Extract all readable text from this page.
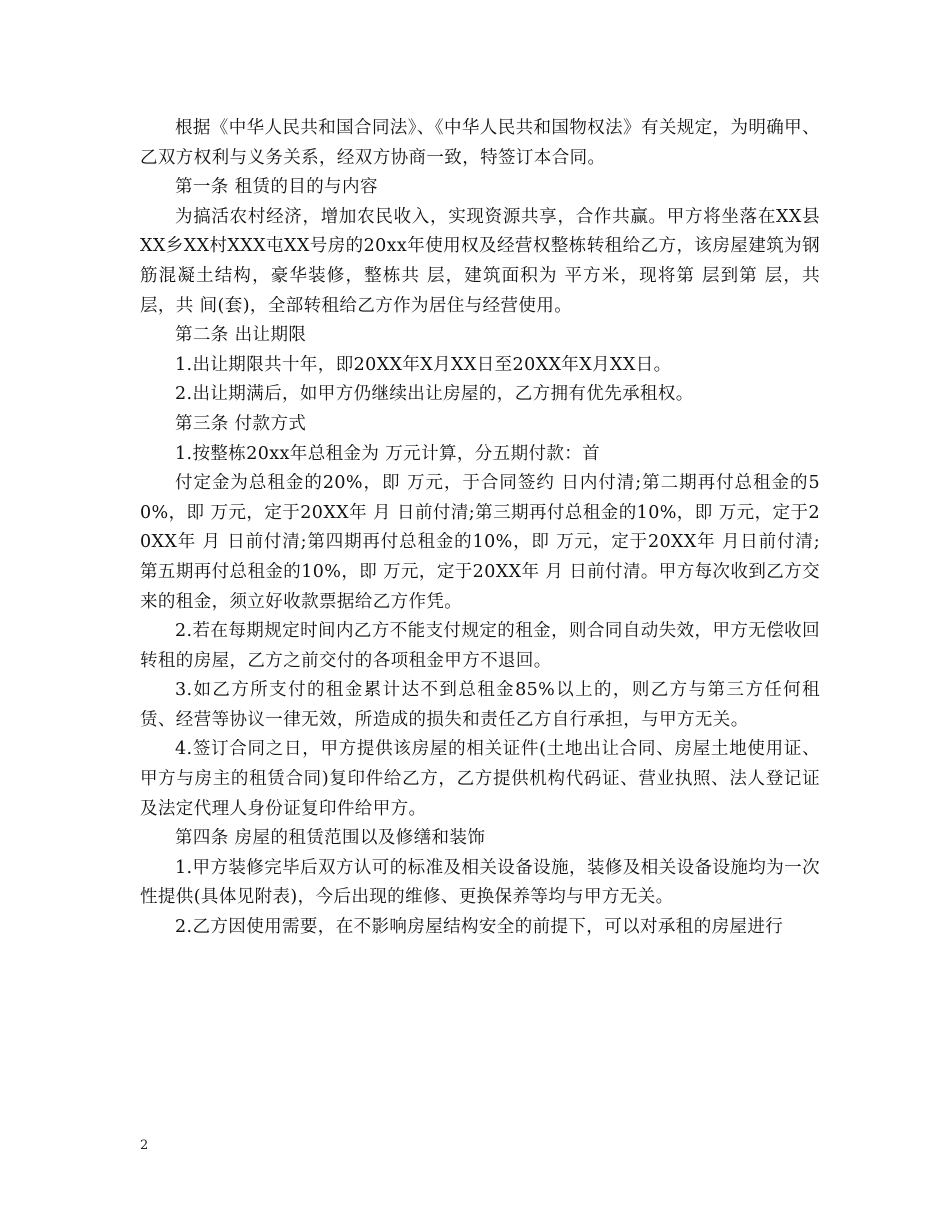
根据《中华人民共和国合同法》、《中华人民共和国物权法》有关规定，为明确甲、乙双方权利与义务关系，经双方协商一致，特签订本合同。

第一条 租赁的目的与内容

为搞活农村经济，增加农民收入，实现资源共享，合作共赢。甲方将坐落在XX县XX乡XX村XXX屯XX号房的20xx年使用权及经营权整栋转租给乙方，该房屋建筑为钢筋混凝土结构，豪华装修，整栋共 层，建筑面积为 平方米，现将第 层到第 层，共 层，共 间(套)，全部转租给乙方作为居住与经营使用。

第二条 出让期限

1.出让期限共十年，即20XX年X月XX日至20XX年X月XX日。

2.出让期满后，如甲方仍继续出让房屋的，乙方拥有优先承租权。

第三条 付款方式

1.按整栋20xx年总租金为 万元计算，分五期付款：首

付定金为总租金的20%，即 万元，于合同签约 日内付清;第二期再付总租金的50%，即 万元，定于20XX年 月 日前付清;第三期再付总租金的10%，即 万元，定于20XX年 月 日前付清;第四期再付总租金的10%，即 万元，定于20XX年 月日前付清;第五期再付总租金的10%，即 万元，定于20XX年 月 日前付清。甲方每次收到乙方交来的租金，须立好收款票据给乙方作凭。

2.若在每期规定时间内乙方不能支付规定的租金，则合同自动失效，甲方无偿收回转租的房屋，乙方之前交付的各项租金甲方不退回。

3.如乙方所支付的租金累计达不到总租金85%以上的，则乙方与第三方任何租赁、经营等协议一律无效，所造成的损失和责任乙方自行承担，与甲方无关。

4.签订合同之日，甲方提供该房屋的相关证件(土地出让合同、房屋土地使用证、甲方与房主的租赁合同)复印件给乙方，乙方提供机构代码证、营业执照、法人登记证及法定代理人身份证复印件给甲方。

第四条 房屋的租赁范围以及修缮和装饰

1.甲方装修完毕后双方认可的标准及相关设备设施，装修及相关设备设施均为一次性提供(具体见附表)，今后出现的维修、更换保养等均与甲方无关。

2.乙方因使用需要，在不影响房屋结构安全的前提下，可以对承租的房屋进行

2
